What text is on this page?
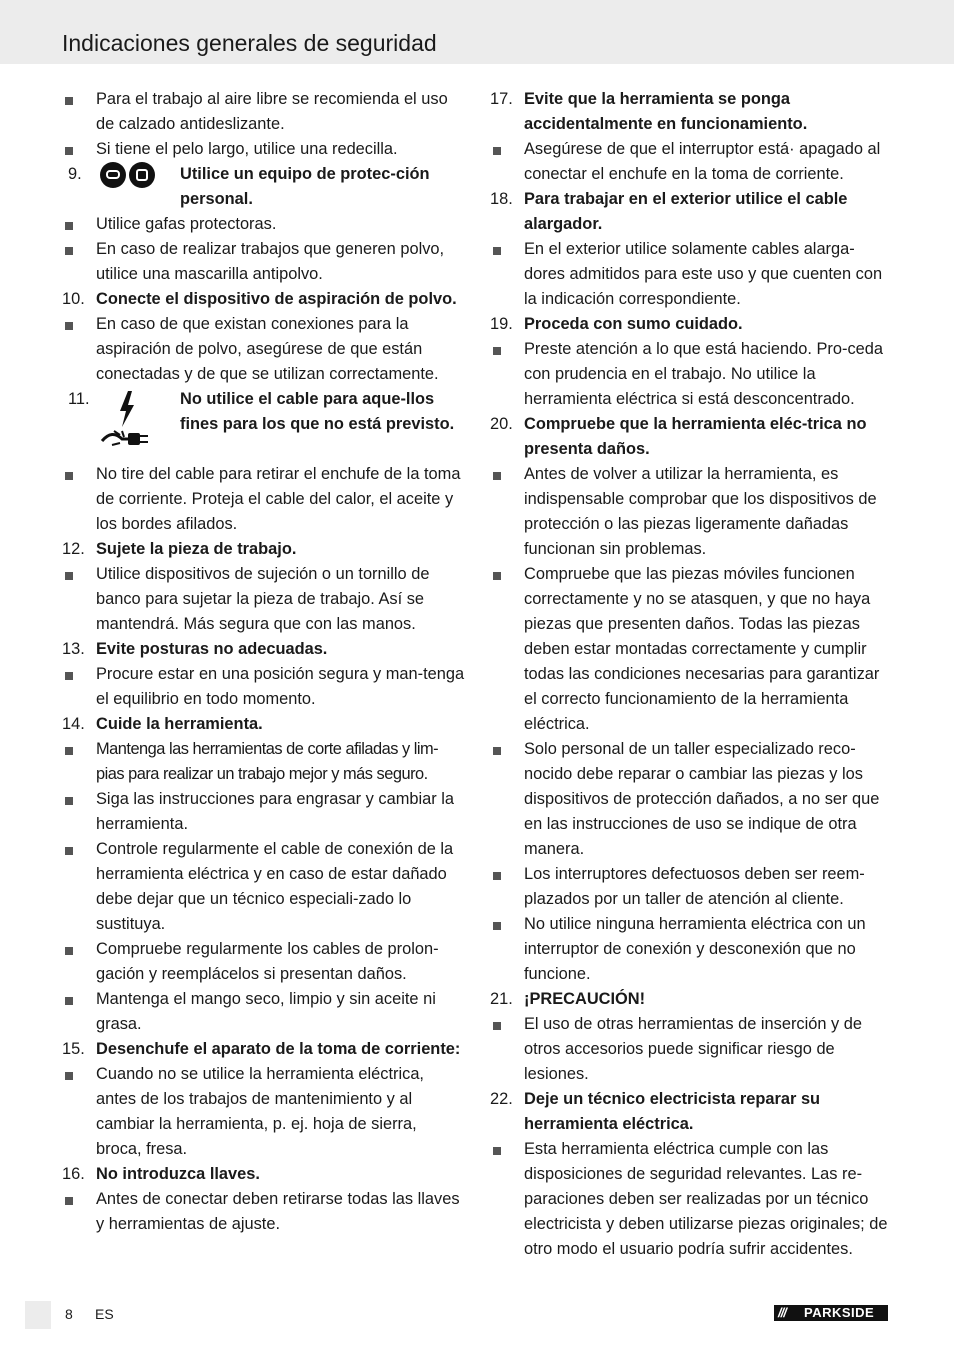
Indicaciones generales de seguridad
Para el trabajo al aire libre se recomienda el uso de calzado antideslizante.
Si tiene el pelo largo, utilice una redecilla.
9.	Utilice un equipo de protec-ción personal.
Utilice gafas protectoras.
En caso de realizar trabajos que generen polvo, utilice una mascarilla antipolvo.
10. Conecte el dispositivo de aspiración de polvo.
En caso de que existan conexiones para la aspiración de polvo, asegúrese de que están conectadas y de que se utilizan correctamente.
11.	No utilice el cable para aque-llos fines para los que no está previsto.
No tire del cable para retirar el enchufe de la toma de corriente. Proteja el cable del calor, el aceite y los bordes afilados.
12. Sujete la pieza de trabajo.
Utilice dispositivos de sujeción o un tornillo de banco para sujetar la pieza de trabajo. Así se mantendrá. Más segura que con las manos.
13. Evite posturas no adecuadas.
Procure estar en una posición segura y man-tenga el equilibrio en todo momento.
14. Cuide la herramienta.
Mantenga las herramientas de corte afiladas y lim-pias para realizar un trabajo mejor y más seguro.
Siga las instrucciones para engrasar y cambiar la herramienta.
Controle regularmente el cable de conexión de la herramienta eléctrica y en caso de estar dañado debe dejar que un técnico especiali-zado lo sustituya.
Compruebe regularmente los cables de prolon-gación y reemplácelos si presentan daños.
Mantenga el mango seco, limpio y sin aceite ni grasa.
15. Desenchufe el aparato de la toma de corriente:
Cuando no se utilice la herramienta eléctrica, antes de los trabajos de mantenimiento y al cambiar la herramienta, p. ej. hoja de sierra, broca, fresa.
16. No introduzca llaves.
Antes de conectar deben retirarse todas las llaves y herramientas de ajuste.
17. Evite que la herramienta se ponga accidentalmente en funcionamiento.
Asegúrese de que el interruptor está· apagado al conectar el enchufe en la toma de corriente.
18. Para trabajar en el exterior utilice el cable alargador.
En el exterior utilice solamente cables alarga-dores admitidos para este uso y que cuenten con la indicación correspondiente.
19. Proceda con sumo cuidado.
Preste atención a lo que está haciendo. Pro-ceda con prudencia en el trabajo. No utilice la herramienta eléctrica si está desconcentrado.
20. Compruebe que la herramienta eléc-trica no presenta daños.
Antes de volver a utilizar la herramienta, es indispensable comprobar que los dispositivos de protección o las piezas ligeramente dañadas funcionan sin problemas.
Compruebe que las piezas móviles funcionen correctamente y no se atasquen, y que no haya piezas que presenten daños. Todas las piezas deben estar montadas correctamente y cumplir todas las condiciones necesarias para garantizar el correcto funcionamiento de la herramienta eléctrica.
Solo personal de un taller especializado reco-nocido debe reparar o cambiar las piezas y los dispositivos de protección dañados, a no ser que en las instrucciones de uso se indique de otra manera.
Los interruptores defectuosos deben ser reem-plazados por un taller de atención al cliente.
No utilice ninguna herramienta eléctrica con un interruptor de conexión y desconexión que no funcione.
21. ¡PRECAUCIÓN!
El uso de otras herramientas de inserción y de otros accesorios puede significar riesgo de lesiones.
22. Deje un técnico electricista reparar su herramienta eléctrica.
Esta herramienta eléctrica cumple con las disposiciones de seguridad relevantes. Las re-paraciones deben ser realizadas por un técnico electricista y deben utilizarse piezas originales; de otro modo el usuario podría sufrir accidentes.
8 ES	/// PARKSIDE
